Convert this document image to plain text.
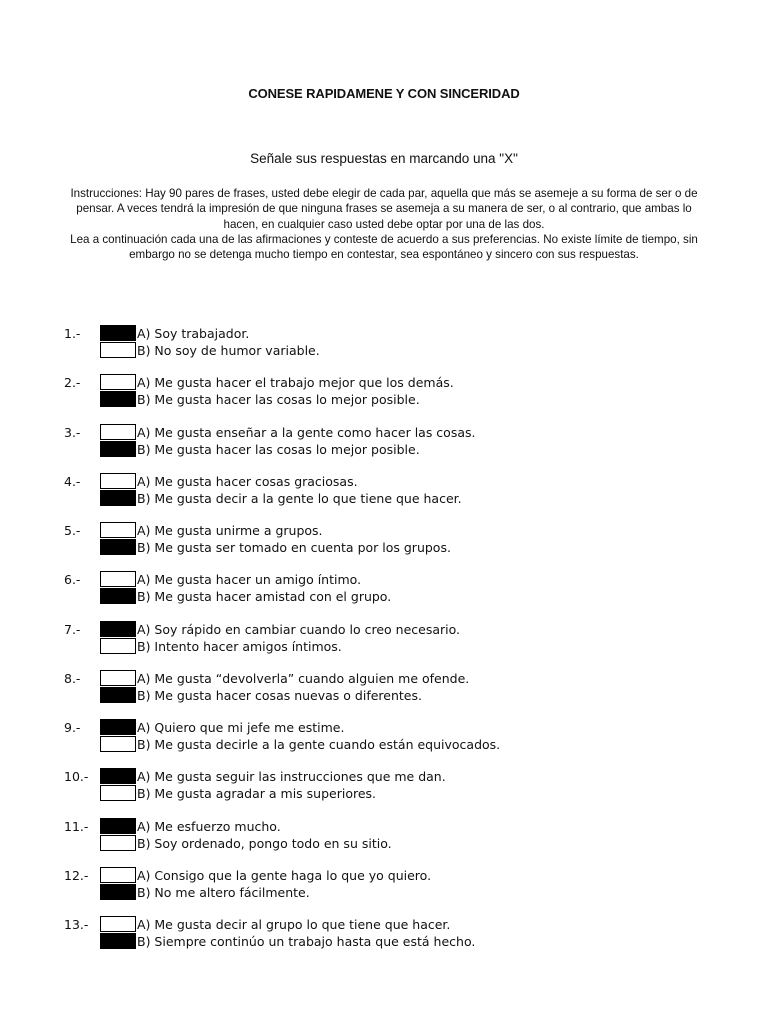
CONESE RAPIDAMENE Y CON SINCERIDAD
Señale sus respuestas en marcando una "X"

Instrucciones: Hay 90 pares de frases, usted debe elegir de cada par, aquella que más se asemeje a su forma de ser o de pensar. A veces tendrá la impresión de que ninguna frases se asemeja a su manera de ser, o al contrario, que ambas lo hacen, en cualquier caso usted debe optar por una de las dos.

Lea a continuación cada una de las afirmaciones y conteste de acuerdo a sus preferencias. No existe límite de tiempo, sin embargo no se detenga mucho tiempo en contestar, sea espontáneo y sincero con sus respuestas.

1.-	A) Soy trabajador.
B) No soy de humor variable.
2.-	A) Me gusta hacer el trabajo mejor que los demás.
B) Me gusta hacer las cosas lo mejor posible.
3.-	A) Me gusta enseñar a la gente como hacer las cosas.
B) Me gusta hacer las cosas lo mejor posible.
4.-	A) Me gusta hacer cosas graciosas.
B) Me gusta decir a la gente lo que tiene que hacer.
5.-	A) Me gusta unirme a grupos.
B) Me gusta ser tomado en cuenta por los grupos.
6.-	A) Me gusta hacer un amigo íntimo.
B) Me gusta hacer amistad con el grupo.
7.-	A) Soy rápido en cambiar cuando lo creo necesario.
B) Intento hacer amigos íntimos.
8.-	A) Me gusta “devolverla” cuando alguien me ofende.
B) Me gusta hacer cosas nuevas o diferentes.
9.-	A) Quiero que mi jefe me estime.
B) Me gusta decirle a la gente cuando están equivocados.
10.-	A) Me gusta seguir las instrucciones que me dan.
B) Me gusta agradar a mis superiores.
11.-	A) Me esfuerzo mucho.
B) Soy ordenado, pongo todo en su sitio.
12.-	A) Consigo que la gente haga lo que yo quiero.
B) No me altero fácilmente.
13.-	A) Me gusta decir al grupo lo que tiene que hacer.
B) Siempre continúo un trabajo hasta que está hecho.
